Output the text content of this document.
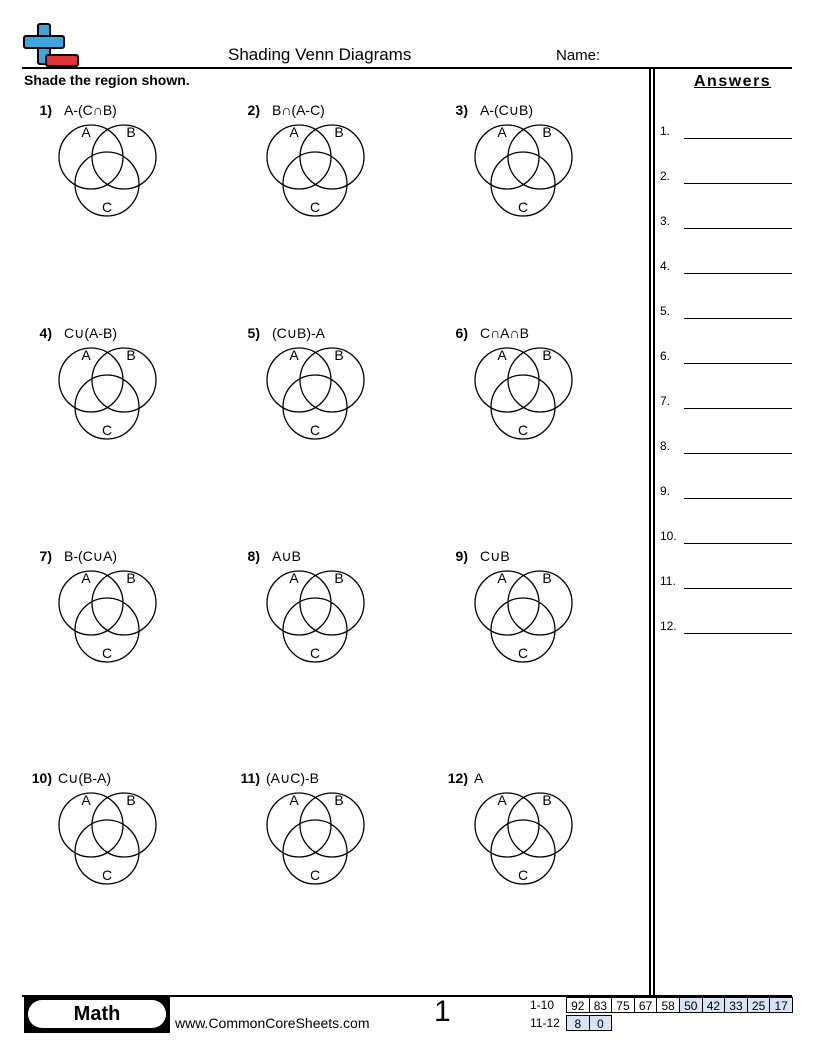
Shading Venn Diagrams	Name:
Shade the region shown.	Answers
1) A-(C∩B)
A	B
C
2) B∩(A-C)
A	B
C
3) A-(C∪B)
A	B
C
4) C∪(A-B)
A	B
C
5) (C∪B)-A
A	B
C
6) C∩A∩B
A	B
C
7) B-(C∪A)
A	B
C
8) A∪B
A	B
C
9) C∪B
A	B
C
10) C∪(B-A)
A	B
C
11) (A∪C)-B
A	B
C
12) A
A	B
C
1.
2.
3.
4.
5.
6.
7.
8.
9.
10.
11.
12.
Math	www.CommonCoreSheets.com 1	1-10	92 83 75 67 58 50 42 33 25 17
11-12	8	0
